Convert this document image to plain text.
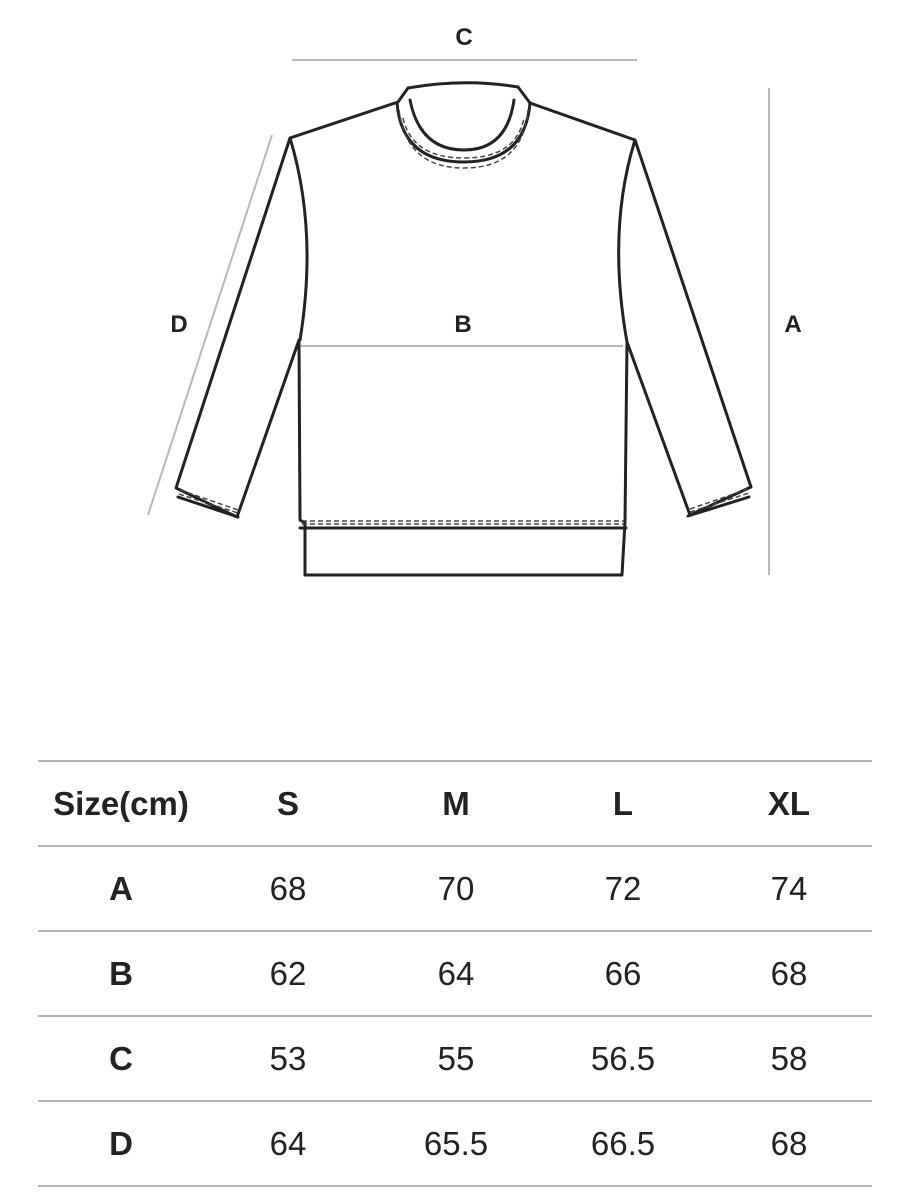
C
D	B	A
Size(cm)	S	M	L	XL
A	68	70	72	74
B	62	64	66	68
C	53	55	56.5	58
D	64	65.5	66.5	68
